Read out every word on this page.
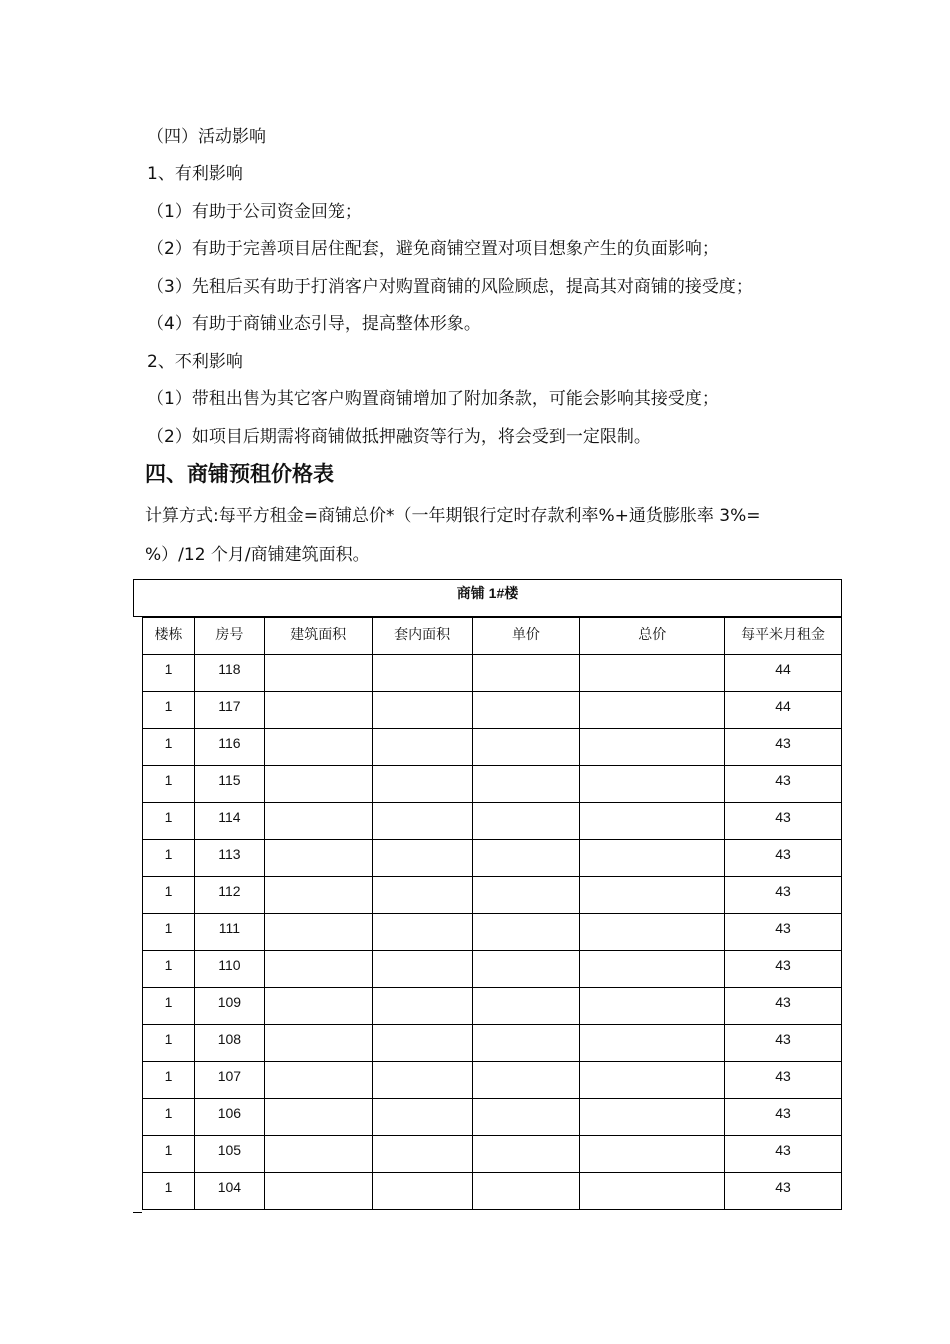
（四）活动影响
1、有利影响
（1）有助于公司资金回笼；
（2）有助于完善项目居住配套，避免商铺空置对项目想象产生的负面影响；
（3）先租后买有助于打消客户对购置商铺的风险顾虑，提高其对商铺的接受度；
（4）有助于商铺业态引导，提高整体形象。
2、不利影响
（1）带租出售为其它客户购置商铺增加了附加条款，可能会影响其接受度；
（2）如项目后期需将商铺做抵押融资等行为，将会受到一定限制。
四、商铺预租价格表
计算方式:每平方租金=商铺总价*（一年期银行定时存款利率%+通货膨胀率 3%=
%）/12 个月/商铺建筑面积。
商铺 1#楼
楼栋	房号	建筑面积	套内面积	单价	总价	每平米月租金
1	118					44
1	117					44
1	116					43
1	115					43
1	114					43
1	113					43
1	112					43
1	111					43
1	110					43
1	109					43
1	108					43
1	107					43
1	106					43
1	105					43
1	104					43
